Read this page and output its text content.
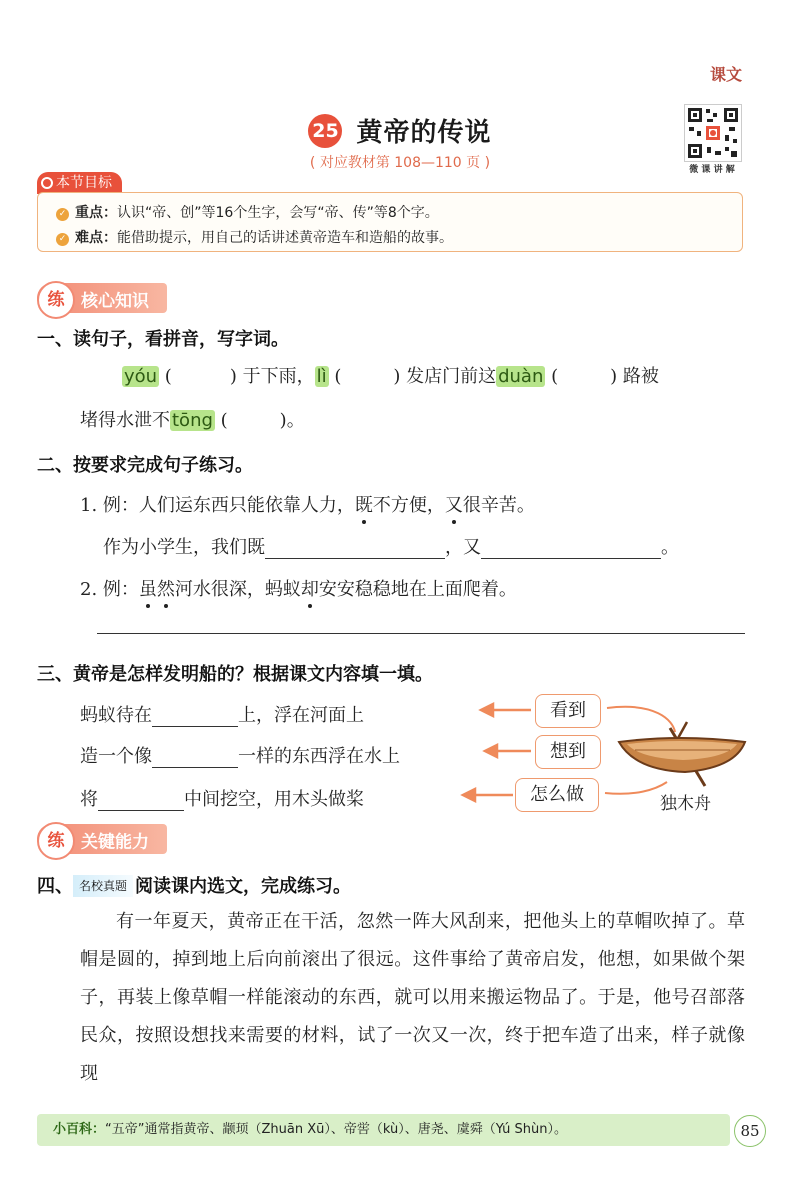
课文
25 黄帝的传说
( 对应教材第 108—110 页 )	微 课 讲 解
本节目标
✓ 重点：认识“帝、创”等16个生字，会写“帝、传”等8个字。
✓ 难点：能借助提示，用自己的话讲述黄帝造车和造船的故事。
练 核心知识
一、读句子，看拼音，写字词。
yóu (	) 于下雨， lì (	) 发店门前这 duàn (	) 路被
堵得水泄不 tōng (	)。
二、按要求完成句子练习。
1. 例：人们运东西只能依靠人力，既不方便，又很辛苦。
作为小学生，我们既	，又	。
2. 例：虽然河水很深，蚂蚁却安安稳稳地在上面爬着。
三、黄帝是怎样发明船的？根据课文内容填一填。
蚂蚁待在	上，浮在河面上
造一个像	一样的东西浮在水上
将	中间挖空，用木头做桨
看到
想到
怎么做	独木舟
练 关键能力
四、 名校真题 阅读课内选文，完成练习。
有一年夏天，黄帝正在干活，忽然一阵大风刮来，把他头上的草帽吹掉了。草帽是圆的，掉到地上后向前滚出了很远。这件事给了黄帝启发，他想，如果做个架子，再装上像草帽一样能滚动的东西，就可以用来搬运物品了。于是，他号召部落民众，按照设想找来需要的材料，试了一次又一次，终于把车造了出来，样子就像现
小百科：“五帝”通常指黄帝、颛顼（Zhuān Xū）、帝喾（kù）、唐尧、虞舜（Yú Shùn）。	85
